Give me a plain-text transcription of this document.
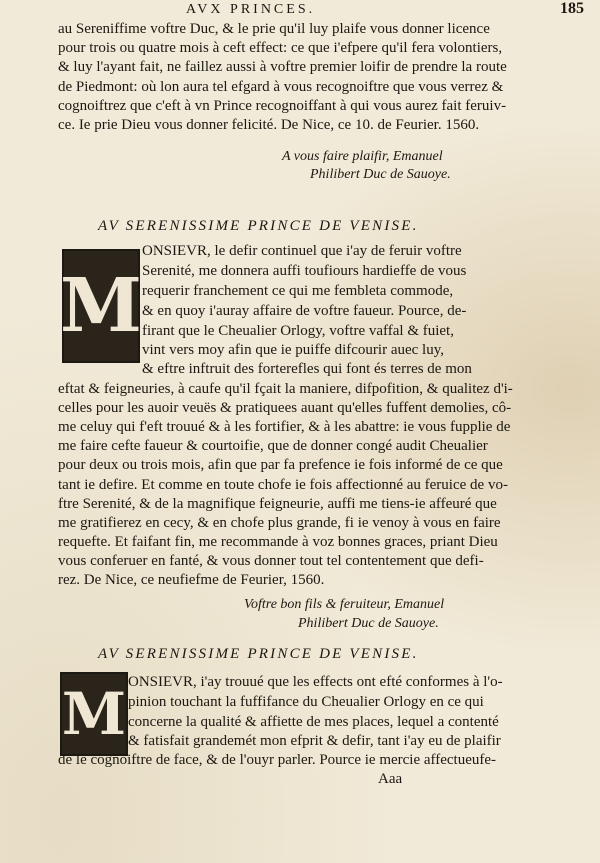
AVX PRINCES.	185
au Sereniffime voftre Duc, & le prie qu'il luy plaife vous donner licence
pour trois ou quatre mois à ceft effect: ce que i'efpere qu'il fera volontiers,
& luy l'ayant fait, ne faillez aussi à voftre premier loifir de prendre la route
de Piedmont: où lon aura tel efgard à vous recognoiftre que vous verrez &
cognoiftrez que c'eft à vn Prince recognoiffant à qui vous aurez fait feruiv-
ce. Ie prie Dieu vous donner felicité. De Nice, ce 10. de Feurier. 1560.
A vous faire plaifir, Emanuel
Philibert Duc de Sauoye.
AV SERENISSIME PRINCE DE VENISE.
M
ONSIEVR, le defir continuel que i'ay de feruir voftre
Serenité, me donnera auffi toufiours hardieffe de vous
requerir franchement ce qui me fembleta commode,
& en quoy i'auray affaire de voftre faueur. Pource, de-
firant que le Cheualier Orlogy, voftre vaffal & fuiet,
vint vers moy afin que ie puiffe difcourir auec luy,
& eftre inftruit des forterefles qui font és terres de mon
eftat & feigneuries, à caufe qu'il fçait la maniere, difpofition, & qualitez d'i-
celles pour les auoir veuës & pratiquees auant qu'elles fuffent demolies, cô-
me celuy qui f'eft trouué & à les fortifier, & à les abattre: ie vous fupplie de
me faire cefte faueur & courtoifie, que de donner congé audit Cheualier
pour deux ou trois mois, afin que par fa prefence ie fois informé de ce que
tant ie defire. Et comme en toute chofe ie fois affectionné au feruice de vo-
ftre Serenité, & de la magnifique feigneurie, auffi me tiens-ie affeuré que
me gratifierez en cecy, & en chofe plus grande, fi ie venoy à vous en faire
requefte. Et faifant fin, me recommande à voz bonnes graces, priant Dieu
vous conferuer en fanté, & vous donner tout tel contentement que defi-
rez. De Nice, ce neufiefme de Feurier, 1560.
Voftre bon fils & feruiteur, Emanuel
Philibert Duc de Sauoye.
AV SERENISSIME PRINCE DE VENISE.
M ONSIEVR, i'ay trouué que les effects ont efté conformes à l'o-
pinion touchant la fuffifance du Cheualier Orlogy en ce qui
concerne la qualité & affiette de mes places, lequel a contenté
& fatisfait grandemét mon efprit & defir, tant i'ay eu de plaifir
de le cognoiftre de face, & de l'ouyr parler. Pource ie mercie affectueufe-
Aaa
